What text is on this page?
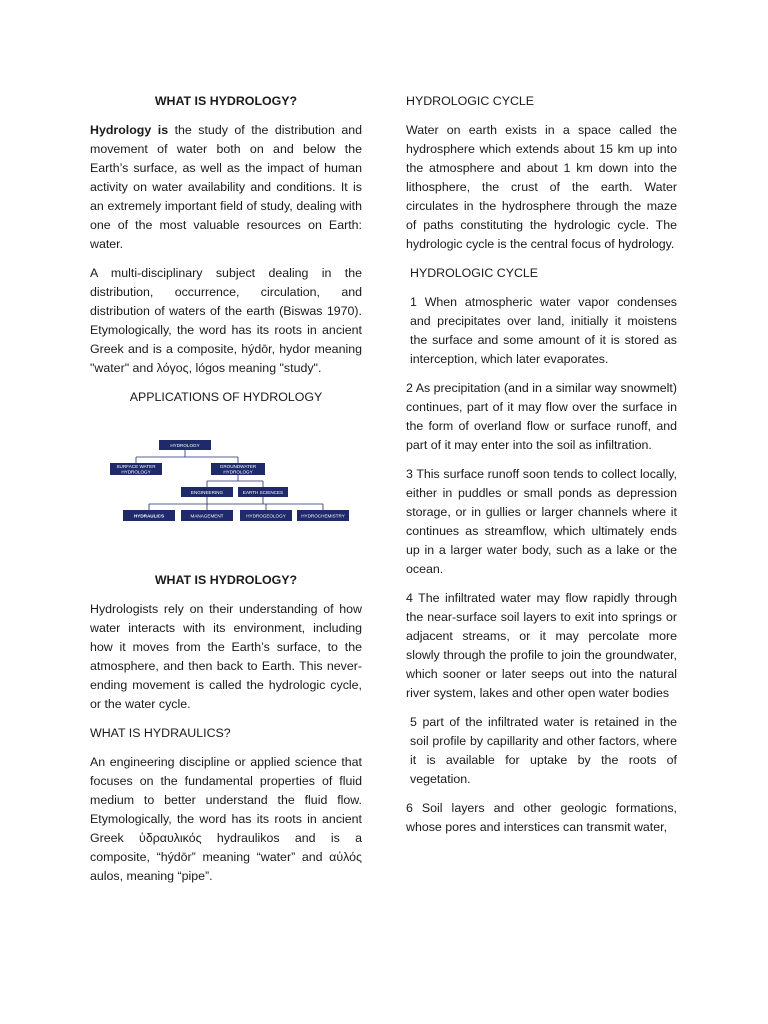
WHAT IS HYDROLOGY?

Hydrology is the study of the distribution and movement of water both on and below the Earth’s surface, as well as the impact of human activity on water availability and conditions. It is an extremely important field of study, dealing with one of the most valuable resources on Earth: water.

A multi-disciplinary subject dealing in the distribution, occurrence, circulation, and distribution of waters of the earth (Biswas 1970). Etymologically, the word has its roots in ancient Greek and is a composite, hýdōr, hydor meaning "water" and λόγος, lógos meaning "study".

APPLICATIONS OF HYDROLOGY
HYDROLOGY
SURFACE WATER
HYDROLOGY
GROUNDWATER
HYDROLOGY
ENGINEERING	EARTH SCIENCES
HYDRAULICS	MANAGEMENT	HYDROGEOLOGY	HYDROCHEMISTRY
WHAT IS HYDROLOGY?

Hydrologists rely on their understanding of how water interacts with its environment, including how it moves from the Earth’s surface, to the atmosphere, and then back to Earth. This never-ending movement is called the hydrologic cycle, or the water cycle.

WHAT IS HYDRAULICS?

An engineering discipline or applied science that focuses on the fundamental properties of fluid medium to better understand the fluid flow. Etymologically, the word has its roots in ancient Greek ὑδραυλικός hydraulikos and is a composite, “hýdōr” meaning “water” and αὐλός aulos, meaning “pipe”.

HYDROLOGIC CYCLE

Water on earth exists in a space called the hydrosphere which extends about 15 km up into the atmosphere and about 1 km down into the lithosphere, the crust of the earth. Water circulates in the hydrosphere through the maze of paths constituting the hydrologic cycle. The hydrologic cycle is the central focus of hydrology.

HYDROLOGIC CYCLE

1 When atmospheric water vapor condenses and precipitates over land, initially it moistens the surface and some amount of it is stored as interception, which later evaporates.

2 As precipitation (and in a similar way snowmelt) continues, part of it may flow over the surface in the form of overland flow or surface runoff, and part of it may enter into the soil as infiltration.

3 This surface runoff soon tends to collect locally, either in puddles or small ponds as depression storage, or in gullies or larger channels where it continues as streamflow, which ultimately ends up in a larger water body, such as a lake or the ocean.

4 The infiltrated water may flow rapidly through the near-surface soil layers to exit into springs or adjacent streams, or it may percolate more slowly through the profile to join the groundwater, which sooner or later seeps out into the natural river system, lakes and other open water bodies

5 part of the infiltrated water is retained in the soil profile by capillarity and other factors, where it is available for uptake by the roots of vegetation.

6 Soil layers and other geologic formations, whose pores and interstices can transmit water,
